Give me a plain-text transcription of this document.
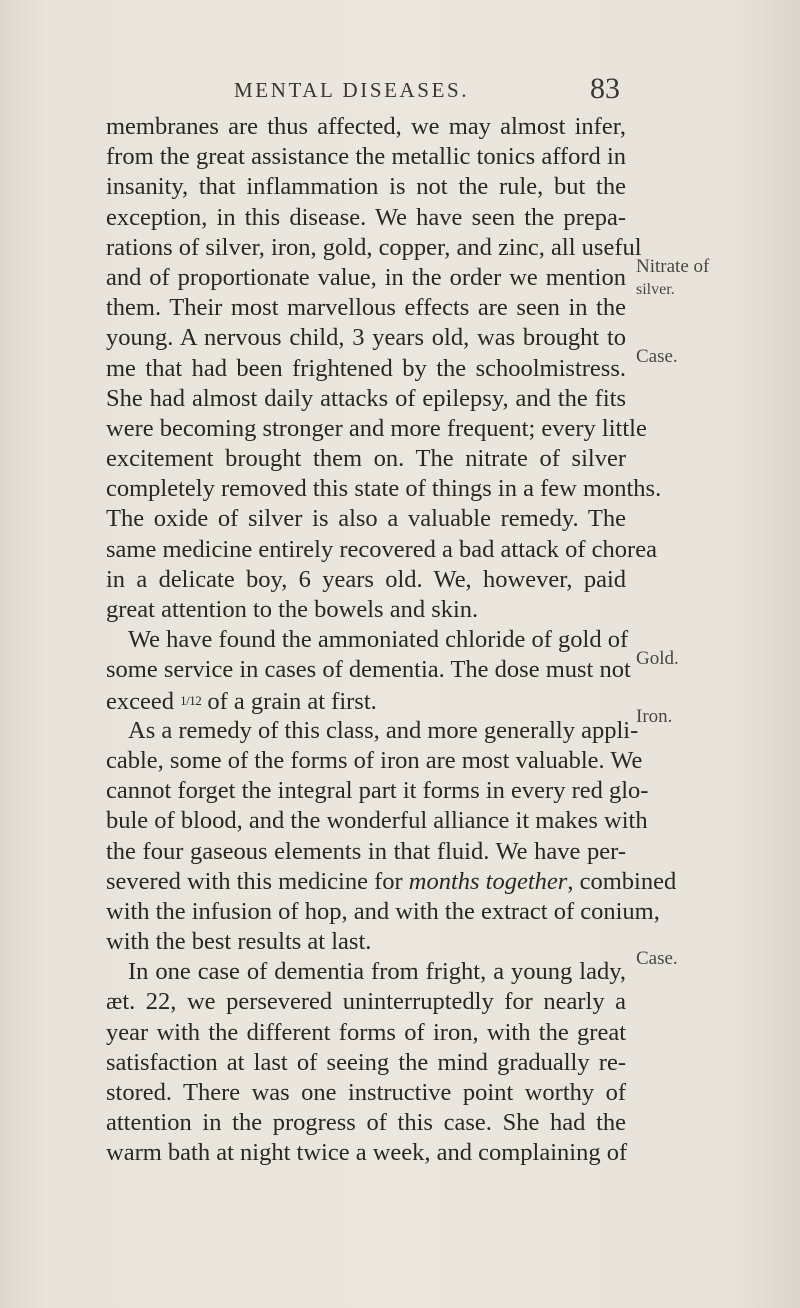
MENTAL DISEASES.	83
membranes are thus affected, we may almost infer,
from the great assistance the metallic tonics afford in
insanity, that inflammation is not the rule, but the
exception, in this disease. We have seen the prepa-
rations of silver, iron, gold, copper, and zinc, all useful
and of proportionate value, in the order we mention
them. Their most marvellous effects are seen in the
young. A nervous child, 3 years old, was brought to
me that had been frightened by the schoolmistress.
She had almost daily attacks of epilepsy, and the fits
were becoming stronger and more frequent; every little
excitement brought them on. The nitrate of silver
completely removed this state of things in a few months.
The oxide of silver is also a valuable remedy. The
same medicine entirely recovered a bad attack of chorea
in a delicate boy, 6 years old. We, however, paid
great attention to the bowels and skin.
We have found the ammoniated chloride of gold of
some service in cases of dementia. The dose must not
exceed 1/12 of a grain at first.
As a remedy of this class, and more generally appli-
cable, some of the forms of iron are most valuable. We
cannot forget the integral part it forms in every red glo-
bule of blood, and the wonderful alliance it makes with
the four gaseous elements in that fluid. We have per-
severed with this medicine for months together, combined
with the infusion of hop, and with the extract of conium,
with the best results at last.
In one case of dementia from fright, a young lady,
æt. 22, we persevered uninterruptedly for nearly a
year with the different forms of iron, with the great
satisfaction at last of seeing the mind gradually re-
stored. There was one instructive point worthy of
attention in the progress of this case. She had the
warm bath at night twice a week, and complaining of
Nitrate of
silver.
Case.
Gold.
Iron.
Case.
